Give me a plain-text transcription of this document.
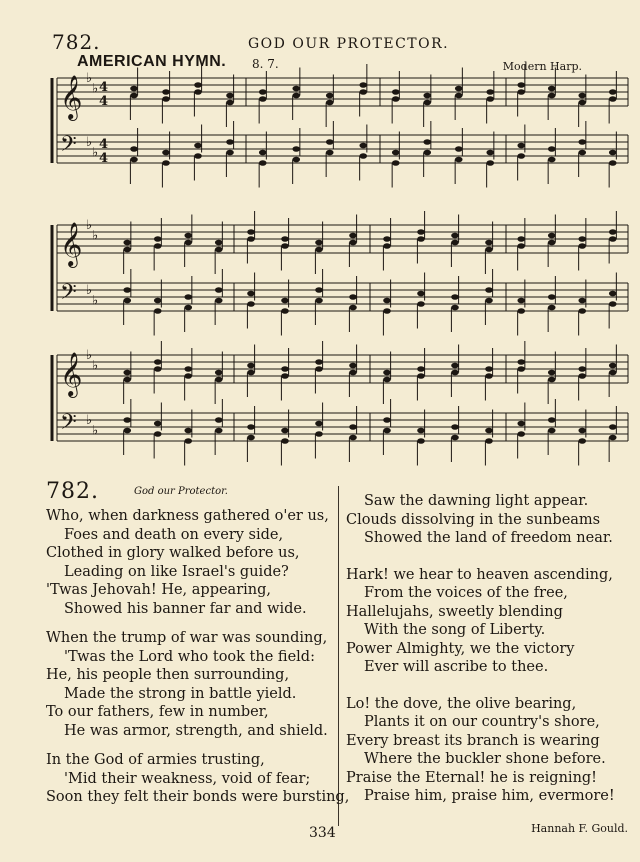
782.	GOD OUR PROTECTOR.
AMERICAN HYMN. 8. 7.	Modern Harp.
𝄞
𝄢
♭
♭
♭
♭
4
4
4
4
𝄞
𝄢
♭
♭
♭
♭
𝄞
𝄢
♭
♭
♭
♭
782.	God our Protector.
Who, when darkness gathered o'er us,
Foes and death on every side,
Clothed in glory walked before us,
Leading on like Israel's guide?
'Twas Jehovah! He, appearing,
Showed his banner far and wide.
When the trump of war was sounding,
'Twas the Lord who took the field:
He, his people then surrounding,
Made the strong in battle yield.
To our fathers, few in number,
He was armor, strength, and shield.
In the God of armies trusting,
'Mid their weakness, void of fear;
Soon they felt their bonds were bursting,
Saw the dawning light appear.
Clouds dissolving in the sunbeams
Showed the land of freedom near.
Hark! we hear to heaven ascending,
From the voices of the free,
Hallelujahs, sweetly blending
With the song of Liberty.
Power Almighty, we the victory
Ever will ascribe to thee.
Lo! the dove, the olive bearing,
Plants it on our country's shore,
Every breast its branch is wearing
Where the buckler shone before.
Praise the Eternal! he is reigning!
Praise him, praise him, evermore!
334	Hannah F. Gould.
